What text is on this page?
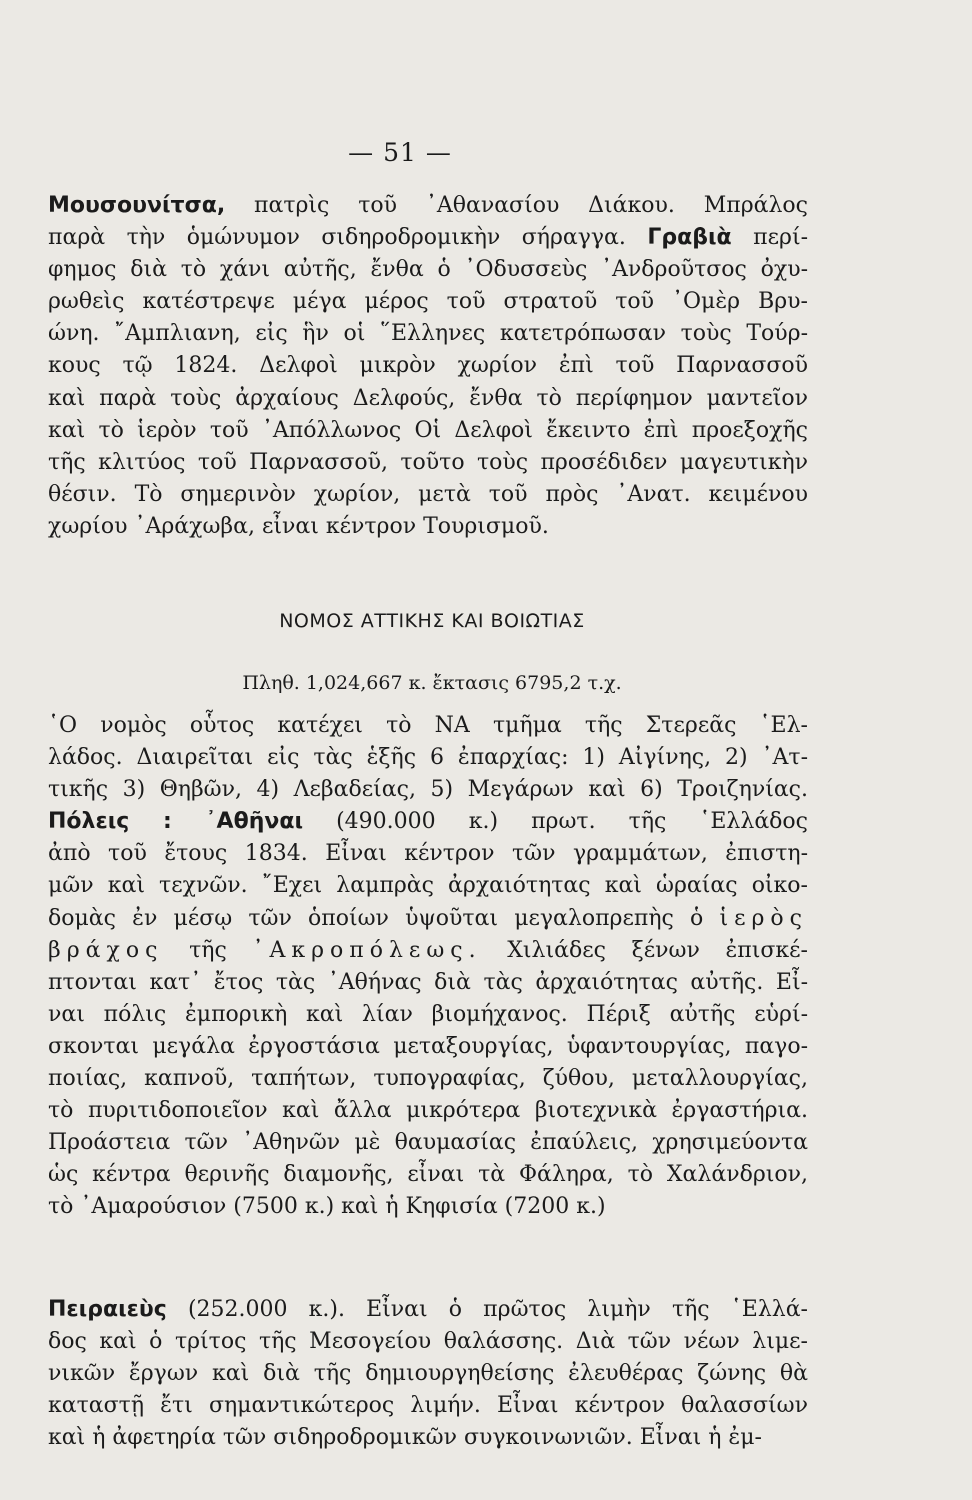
— 51 —
Μουσουνίτσα, πατρὶς τοῦ ᾽Αθανασίου Διάκου. Μπράλος
παρὰ τὴν ὁμώνυμον σιδηροδρομικὴν σήραγγα. Γραβιὰ περί-
φημος διὰ τὸ χάνι αὐτῆς, ἔνθα ὁ ᾽Οδυσσεὺς ᾽Ανδροῦτσος ὀχυ-
ρωθεὶς κατέστρεψε μέγα μέρος τοῦ στρατοῦ τοῦ ᾽Ομὲρ Βρυ-
ώνη. ῎Αμπλιανη, εἰς ἣν οἱ ῞Ελληνες κατετρόπωσαν τοὺς Τούρ-
κους τῷ 1824. Δελφοὶ μικρὸν χωρίον ἐπὶ τοῦ Παρνασσοῦ
καὶ παρὰ τοὺς ἀρχαίους Δελφούς, ἔνθα τὸ περίφημον μαντεῖον
καὶ τὸ ἱερὸν τοῦ ᾽Απόλλωνος Οἱ Δελφοὶ ἔκειντο ἐπὶ προεξοχῆς
τῆς κλιτύος τοῦ Παρνασσοῦ, τοῦτο τοὺς προσέδιδεν μαγευτικὴν
θέσιν. Τὸ σημερινὸν χωρίον, μετὰ τοῦ πρὸς ᾽Ανατ. κειμένου
χωρίου ᾽Αράχωβα, εἶναι κέντρον Τουρισμοῦ.
ΝΟΜΟΣ ΑΤΤΙΚΗΣ ΚΑΙ ΒΟΙΩΤΙΑΣ
Πληθ. 1,024,667 κ. ἔκτασις 6795,2 τ.χ.
῾Ο νομὸς οὗτος κατέχει τὸ ΝΑ τμῆμα τῆς Στερεᾶς ῾Ελ-
λάδος. Διαιρεῖται εἰς τὰς ἑξῆς 6 ἐπαρχίας: 1) Αἰγίνης, 2) ᾽Ατ-
τικῆς 3) Θηβῶν, 4) Λεβαδείας, 5) Μεγάρων καὶ 6) Τροιζηνίας.
Πόλεις : ᾽Αθῆναι (490.000 κ.) πρωτ. τῆς ῾Ελλάδος
ἀπὸ τοῦ ἔτους 1834. Εἶναι κέντρον τῶν γραμμάτων, ἐπιστη-
μῶν καὶ τεχνῶν. ῎Εχει λαμπρὰς ἀρχαιότητας καὶ ὡραίας οἰκο-
δομὰς ἐν μέσῳ τῶν ὁποίων ὑψοῦται μεγαλοπρεπὴς ὁ ἱερὸς
βράχος τῆς ᾽Ακροπόλεως. Χιλιάδες ξένων ἐπισκέ-
πτονται κατ᾽ ἔτος τὰς ᾽Αθήνας διὰ τὰς ἀρχαιότητας αὐτῆς. Εἶ-
ναι πόλις ἐμπορικὴ καὶ λίαν βιομήχανος. Πέριξ αὐτῆς εὑρί-
σκονται μεγάλα ἐργοστάσια μεταξουργίας, ὑφαντουργίας, παγο-
ποιίας, καπνοῦ, ταπήτων, τυπογραφίας, ζύθου, μεταλλουργίας,
τὸ πυριτιδοποιεῖον καὶ ἄλλα μικρότερα βιοτεχνικὰ ἐργαστήρια.
Προάστεια τῶν ᾽Αθηνῶν μὲ θαυμασίας ἐπαύλεις, χρησιμεύοντα
ὡς κέντρα θερινῆς διαμονῆς, εἶναι τὰ Φάληρα, τὸ Χαλάνδριον,
τὸ ᾽Αμαρούσιον (7500 κ.) καὶ ἡ Κηφισία (7200 κ.)
Πειραιεὺς (252.000 κ.). Εἶναι ὁ πρῶτος λιμὴν τῆς ῾Ελλά-
δος καὶ ὁ τρίτος τῆς Μεσογείου θαλάσσης. Διὰ τῶν νέων λιμε-
νικῶν ἔργων καὶ διὰ τῆς δημιουργηθείσης ἐλευθέρας ζώνης θὰ
καταστῇ ἔτι σημαντικώτερος λιμήν. Εἶναι κέντρον θαλασσίων
καὶ ἡ ἀφετηρία τῶν σιδηροδρομικῶν συγκοινωνιῶν. Εἶναι ἡ ἐμ-
